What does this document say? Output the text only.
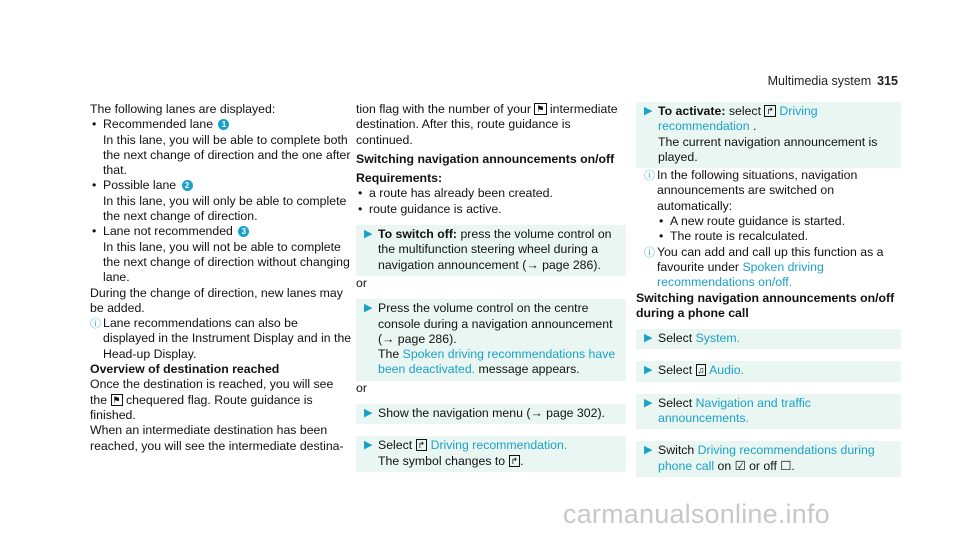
Multimedia system 315

The following lanes are displayed:

• Recommended lane 1

In this lane, you will be able to complete both the next change of direction and the one after that.

• Possible lane 2

In this lane, you will only be able to complete the next change of direction.

• Lane not recommended 3

In this lane, you will not be able to complete the next change of direction without changing lane.

During the change of direction, new lanes may be added.

ⓘ Lane recommendations can also be displayed in the Instrument Display and in the Head-up Display.

Overview of destination reached

Once the destination is reached, you will see the ⚑ chequered flag. Route guidance is finished.

When an intermediate destination has been reached, you will see the intermediate destina-

tion flag with the number of your ⚑ intermediate destination. After this, route guidance is continued.

Switching navigation announcements on/off

Requirements:

• a route has already been created.
• route guidance is active.
▶ To switch off: press the volume control on the multifunction steering wheel during a navigation announcement (→ page 286).

or

▶ Press the volume control on the centre console during a navigation announcement (→ page 286).
The Spoken driving recommendations have been deactivated. message appears.

or

▶ Show the navigation menu (→ page 302).
▶ Select ↱ Driving recommendation.
The symbol changes to ↱ .
▶ To activate: select ↱ Driving recommendation .
The current navigation announcement is played.
ⓘ In the following situations, navigation announcements are switched on automatically:
• A new route guidance is started.
• The route is recalculated.
ⓘ You can add and call up this function as a favourite under Spoken driving recommendations on/off.

Switching navigation announcements on/off during a phone call

▶ Select System.
▶ Select ♫ Audio.
▶ Select Navigation and traffic announcements.
▶ Switch Driving recommendations during phone call on ☑ or off ☐.
carmanualsonline.info
